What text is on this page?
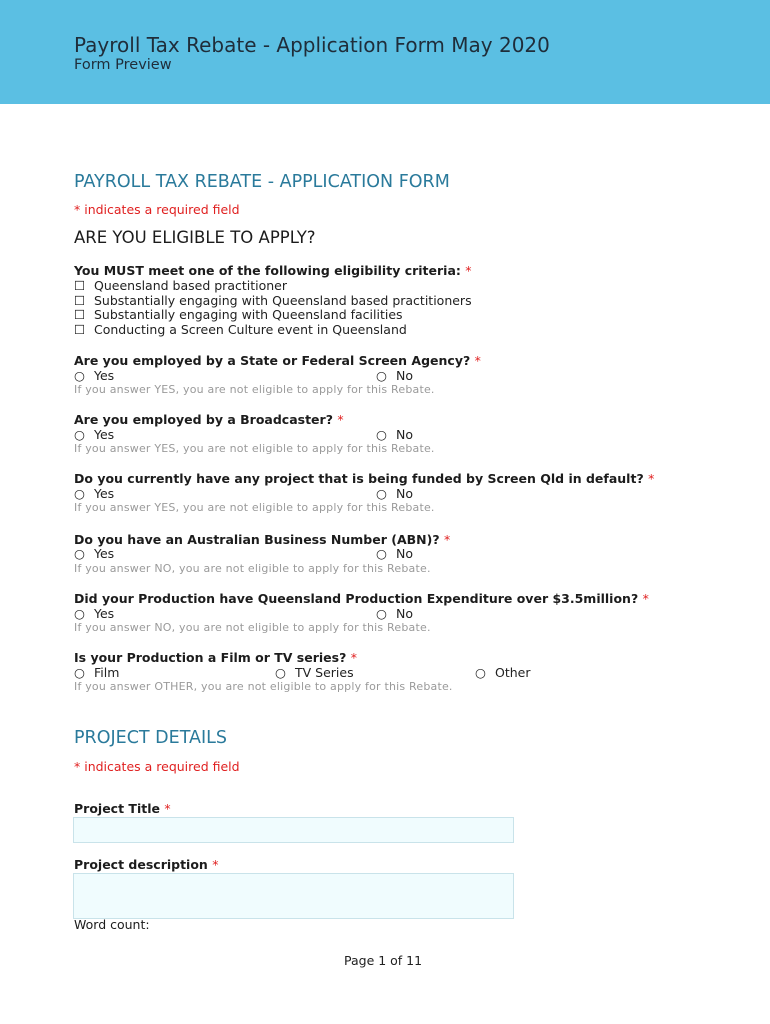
Payroll Tax Rebate - Application Form May 2020
Form Preview
PAYROLL TAX REBATE - APPLICATION FORM
* indicates a required field
ARE YOU ELIGIBLE TO APPLY?
You MUST meet one of the following eligibility criteria: *
☐ Queensland based practitioner
☐ Substantially engaging with Queensland based practitioners
☐ Substantially engaging with Queensland facilities
☐ Conducting a Screen Culture event in Queensland
Are you employed by a State or Federal Screen Agency? *
○ Yes	○ No
If you answer YES, you are not eligible to apply for this Rebate.
Are you employed by a Broadcaster? *
○ Yes	○ No
If you answer YES, you are not eligible to apply for this Rebate.
Do you currently have any project that is being funded by Screen Qld in default? *
○ Yes	○ No
If you answer YES, you are not eligible to apply for this Rebate.
Do you have an Australian Business Number (ABN)? *
○ Yes	○ No
If you answer NO, you are not eligible to apply for this Rebate.
Did your Production have Queensland Production Expenditure over $3.5million? *
○ Yes	○ No
If you answer NO, you are not eligible to apply for this Rebate.
Is your Production a Film or TV series? *
○ Film	○ TV Series	○ Other
If you answer OTHER, you are not eligible to apply for this Rebate.
PROJECT DETAILS
* indicates a required field
Project Title *
Project description *
Word count:
Page 1 of 11
